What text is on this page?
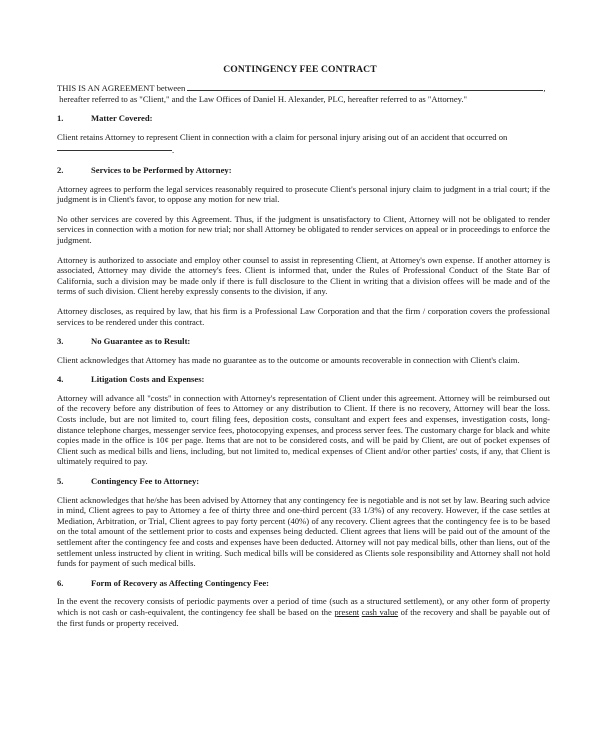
CONTINGENCY FEE CONTRACT

THIS IS AN AGREEMENT between	,

hereafter referred to as "Client," and the Law Offices of Daniel H. Alexander, PLC, hereafter referred to as "Attorney."

1.	Matter Covered:

Client retains Attorney to represent Client in connection with a claim for personal injury arising out of an accident that occurred on
.

2.	Services to be Performed by Attorney:

Attorney agrees to perform the legal services reasonably required to prosecute Client's personal injury claim to judgment in a trial court; if the judgment is in Client's favor, to oppose any motion for new trial.

No other services are covered by this Agreement. Thus, if the judgment is unsatisfactory to Client, Attorney will not be obligated to render services in connection with a motion for new trial; nor shall Attorney be obligated to render services on appeal or in proceedings to enforce the judgment.

Attorney is authorized to associate and employ other counsel to assist in representing Client, at Attorney's own expense. If another attorney is associated, Attorney may divide the attorney's fees. Client is informed that, under the Rules of Professional Conduct of the State Bar of California, such a division may be made only if there is full disclosure to the Client in writing that a division offees will be made and of the terms of such division. Client hereby expressly consents to the division, if any.

Attorney discloses, as required by law, that his firm is a Professional Law Corporation and that the firm / corporation covers the professional services to be rendered under this contract.

3.	No Guarantee as to Result:

Client acknowledges that Attorney has made no guarantee as to the outcome or amounts recoverable in connection with Client's claim.

4.	Litigation Costs and Expenses:

Attorney will advance all "costs" in connection with Attorney's representation of Client under this agreement. Attorney will be reimbursed out of the recovery before any distribution of fees to Attorney or any distribution to Client. If there is no recovery, Attorney will bear the loss. Costs include, but are not limited to, court filing fees, deposition costs, consultant and expert fees and expenses, investigation costs, long-distance telephone charges, messenger service fees, photocopying expenses, and process server fees. The customary charge for black and white copies made in the office is 10¢ per page. Items that are not to be considered costs, and will be paid by Client, are out of pocket expenses of Client such as medical bills and liens, including, but not limited to, medical expenses of Client and/or other parties' costs, if any, that Client is ultimately required to pay.

5.	Contingency Fee to Attorney:

Client acknowledges that he/she has been advised by Attorney that any contingency fee is negotiable and is not set by law. Bearing such advice in mind, Client agrees to pay to Attorney a fee of thirty three and one-third percent (33 1/3%) of any recovery. However, if the case settles at Mediation, Arbitration, or Trial, Client agrees to pay forty percent (40%) of any recovery. Client agrees that the contingency fee is to be based on the total amount of the settlement prior to costs and expenses being deducted. Client agrees that liens will be paid out of the amount of the settlement after the contingency fee and costs and expenses have been deducted. Attorney will not pay medical bills, other than liens, out of the settlement unless instructed by client in writing. Such medical bills will be considered as Clients sole responsibility and Attorney shall not hold funds for payment of such medical bills.

6.	Form of Recovery as Affecting Contingency Fee:

In the event the recovery consists of periodic payments over a period of time (such as a structured settlement), or any other form of property which is not cash or cash-equivalent, the contingency fee shall be based on the present cash value of the recovery and shall be payable out of the first funds or property received.
